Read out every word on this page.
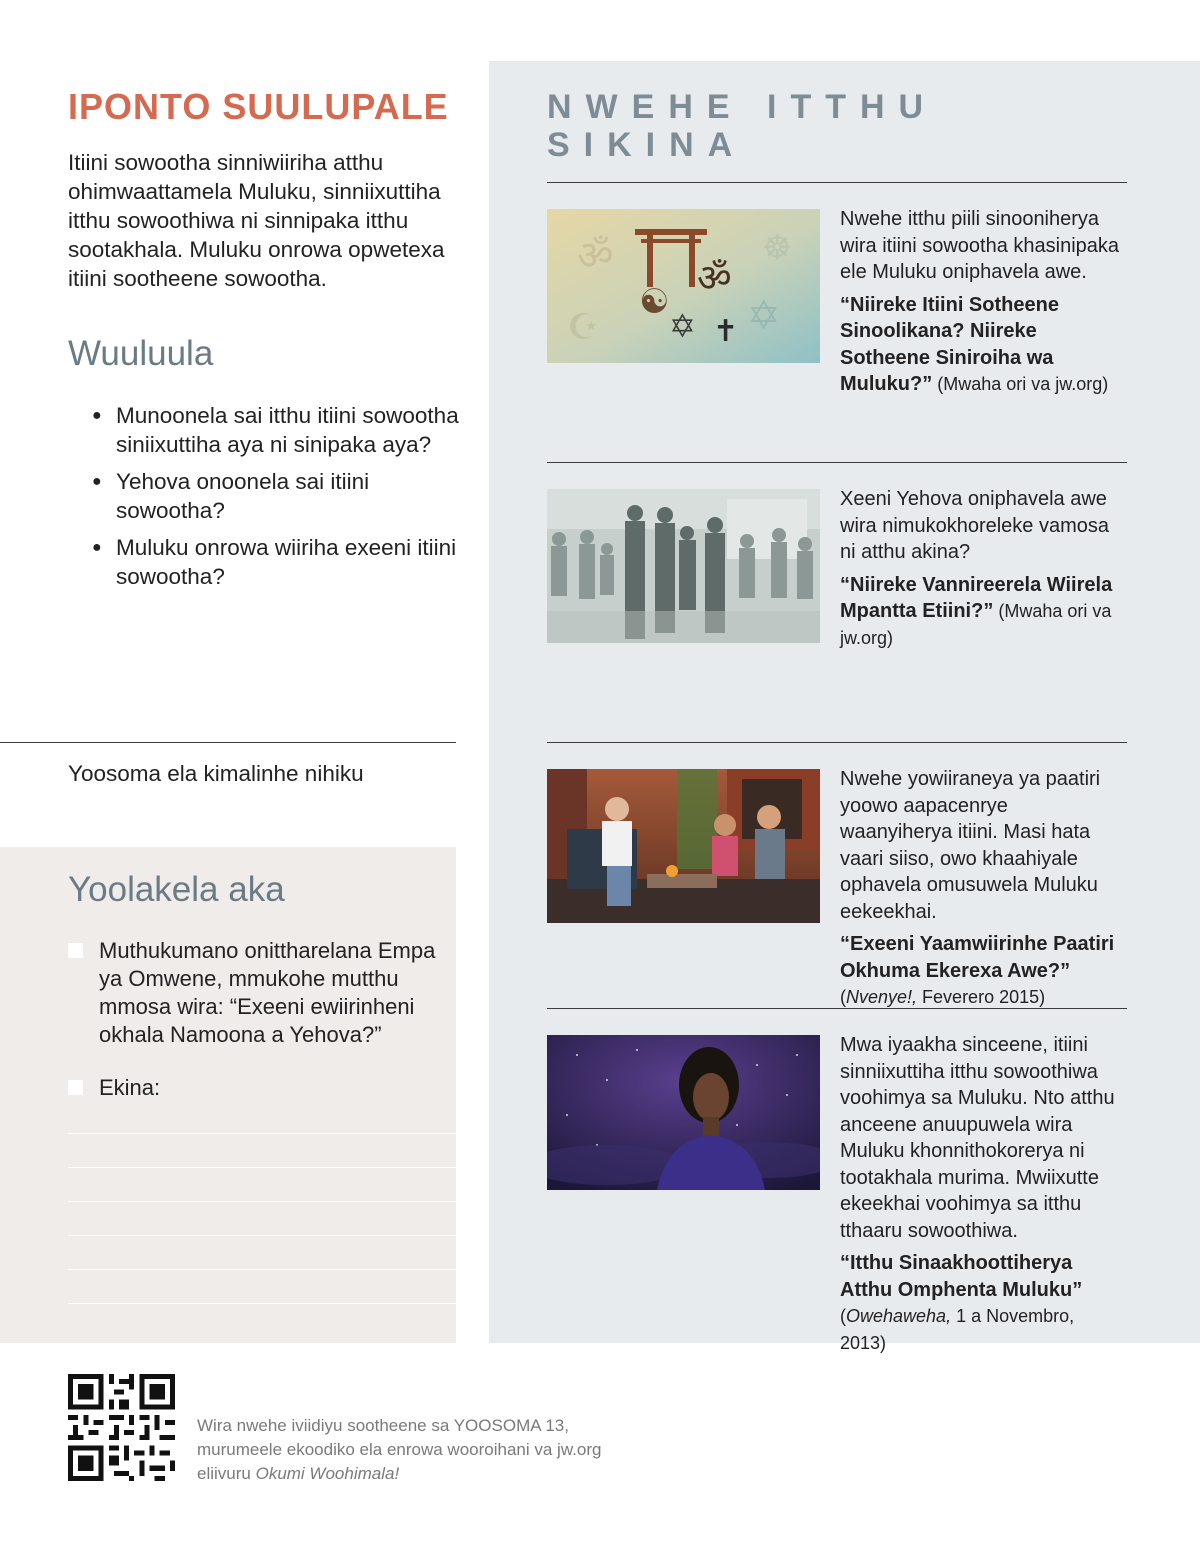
IPONTO SUULUPALE

Itiini sowootha sinniwiiriha atthu ohimwaattamela Muluku, sinniixuttiha itthu sowoothiwa ni sinnipaka itthu sootakhala. Muluku onrowa opwetexa itiini sootheene sowootha.

Wuuluula
● Munoonela sai itthu itiini sowootha siniixuttiha aya ni sinipaka aya?
● Yehova onoonela sai itiini sowootha?
● Muluku onrowa wiiriha exeeni itiini sowootha?

Yoosoma ela kimalinhe nihiku

Yoolakela aka
Muthukumano onittharelana Empa ya Omwene, mmukohe mutthu mmosa wira: “Exeeni ewiirinheni okhala Namoona a Yehova?”
Ekina:
NWEHE ITTHU SIKINA
ॐ
✡
☸
☪
ॐ
☯
✡ ✝

Nwehe itthu piili sinooniherya wira itiini sowootha khasinipaka ele Muluku oniphavela awe.

“Niireke Itiini Sotheene Sinoolikana? Niireke Sotheene Siniroiha wa Muluku?” (Mwaha ori va jw.org)

Xeeni Yehova oniphavela awe wira nimukokhoreleke vamosa ni atthu akina?

“Niireke Vannireerela Wiirela Mpantta Etiini?” (Mwaha ori va jw.org)

Nwehe yowiiraneya ya paatiri yoowo aapacenrye waanyiherya itiini. Masi hata vaari siiso, owo khaahiyale ophavela omusuwela Muluku eekeekhai.

“Exeeni Yaamwiirinhe Paatiri Okhuma Ekerexa Awe?” (Nvenye!, Feverero 2015)

Mwa iyaakha sinceene, itiini sinniixuttiha itthu sowoothiwa voohimya sa Muluku. Nto atthu anceene anuupuwela wira Muluku khonnithokorerya ni tootakhala murima. Mwiixutte ekeekhai voohimya sa itthu tthaaru sowoothiwa.

“Itthu Sinaakhoottiherya Atthu Omphenta Muluku” (Owehaweha, 1 a Novembro, 2013)

Wira nwehe iviidiyu sootheene sa YOOSOMA 13, murumeele ekoodiko ela enrowa wooroihani va jw.org eliivuru Okumi Woohimala!
